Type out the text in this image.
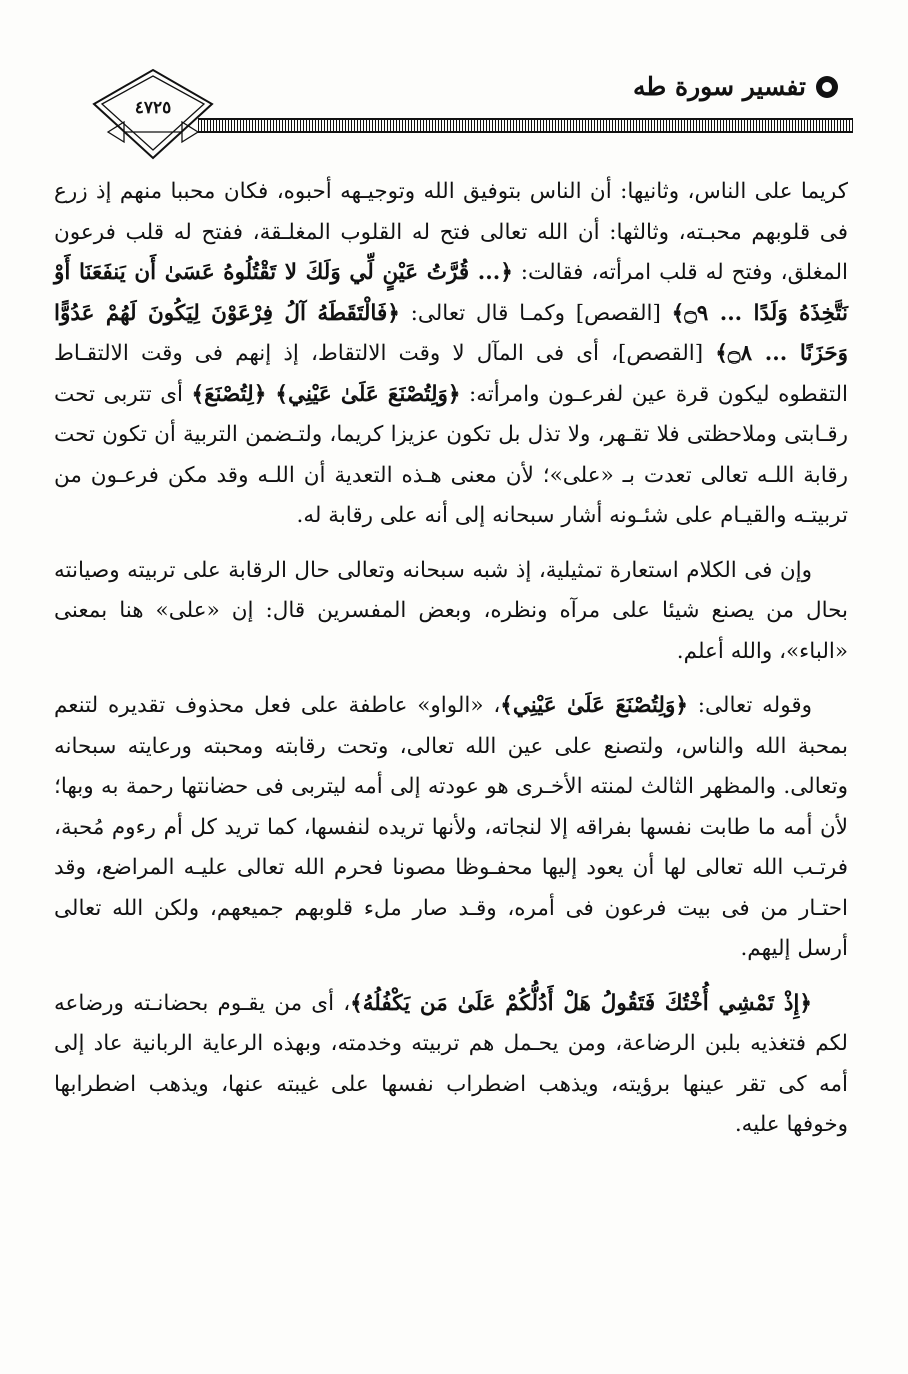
٤٧٢٥
تفسير سورة طه

كريما على الناس، وثانيها: أن الناس بتوفيق الله وتوجيـهه أحبوه، فكان محببا منهم إذ زرع فى قلوبهم محبـته، وثالثها: أن الله تعالى فتح له القلوب المغلـقة، ففتح له قلب فرعون المغلق، وفتح له قلب امرأته، فقالت: ﴿... قُرَّتُ عَيْنٍ لِّي وَلَكَ لا تَقْتُلُوهُ عَسَىٰ أَن يَنفَعَنَا أَوْ نَتَّخِذَهُ وَلَدًا ... ۝٩﴾ [القصص] وكمـا قال تعالى: ﴿فَالْتَقَطَهُ آلُ فِرْعَوْنَ لِيَكُونَ لَهُمْ عَدُوًّا وَحَزَنًا ... ۝٨﴾ [القصص]، أى فى المآل لا وقت الالتقاط، إذ إنهم فى وقت الالتقـاط التقطوه ليكون قرة عين لفرعـون وامرأته: ﴿وَلِتُصْنَعَ عَلَىٰ عَيْنِي﴾ ﴿لِتُصْنَعَ﴾ أى تتربى تحت رقـابتى وملاحظتى فلا تقـهر، ولا تذل بل تكون عزيزا كريما، ولتـضمن التربية أن تكون تحت رقابة اللـه تعالى تعدت بـ «على»؛ لأن معنى هـذه التعدية أن اللـه وقد مكن فرعـون من تربيتـه والقيـام على شئـونه أشار سبحانه إلى أنه على رقابة له.

وإن فى الكلام استعارة تمثيلية، إذ شبه سبحانه وتعالى حال الرقابة على تربيته وصيانته بحال من يصنع شيئا على مرآه ونظره، وبعض المفسرين قال: إن «على» هنا بمعنى «الباء»، والله أعلم.

وقوله تعالى: ﴿وَلِتُصْنَعَ عَلَىٰ عَيْنِي﴾، «الواو» عاطفة على فعل محذوف تقديره لتنعم بمحبة الله والناس، ولتصنع على عين الله تعالى، وتحت رقابته ومحبته ورعايته سبحانه وتعالى. والمظهر الثالث لمنته الأخـرى هو عودته إلى أمه ليتربى فى حضانتها رحمة به وبها؛ لأن أمه ما طابت نفسها بفراقه إلا لنجاته، ولأنها تريده لنفسها، كما تريد كل أم رءوم مُحبة، فرتـب الله تعالى لها أن يعود إليها محفـوظا مصونا فحرم الله تعالى عليـه المراضع، وقد احتـار من فى بيت فرعون فى أمره، وقـد صار ملء قلوبهم جميعهم، ولكن الله تعالى أرسل إليهم.

﴿إِذْ تَمْشِي أُخْتُكَ فَتَقُولُ هَلْ أَدُلُّكُمْ عَلَىٰ مَن يَكْفُلُهُ﴾، أى من يقـوم بحضانـته ورضاعه لكم فتغذيه بلبن الرضاعة، ومن يحـمل هم تربيته وخدمته، وبهذه الرعاية الربانية عاد إلى أمه كى تقر عينها برؤيته، ويذهب اضطراب نفسها على غيبته عنها، ويذهب اضطرابها وخوفها عليه.
